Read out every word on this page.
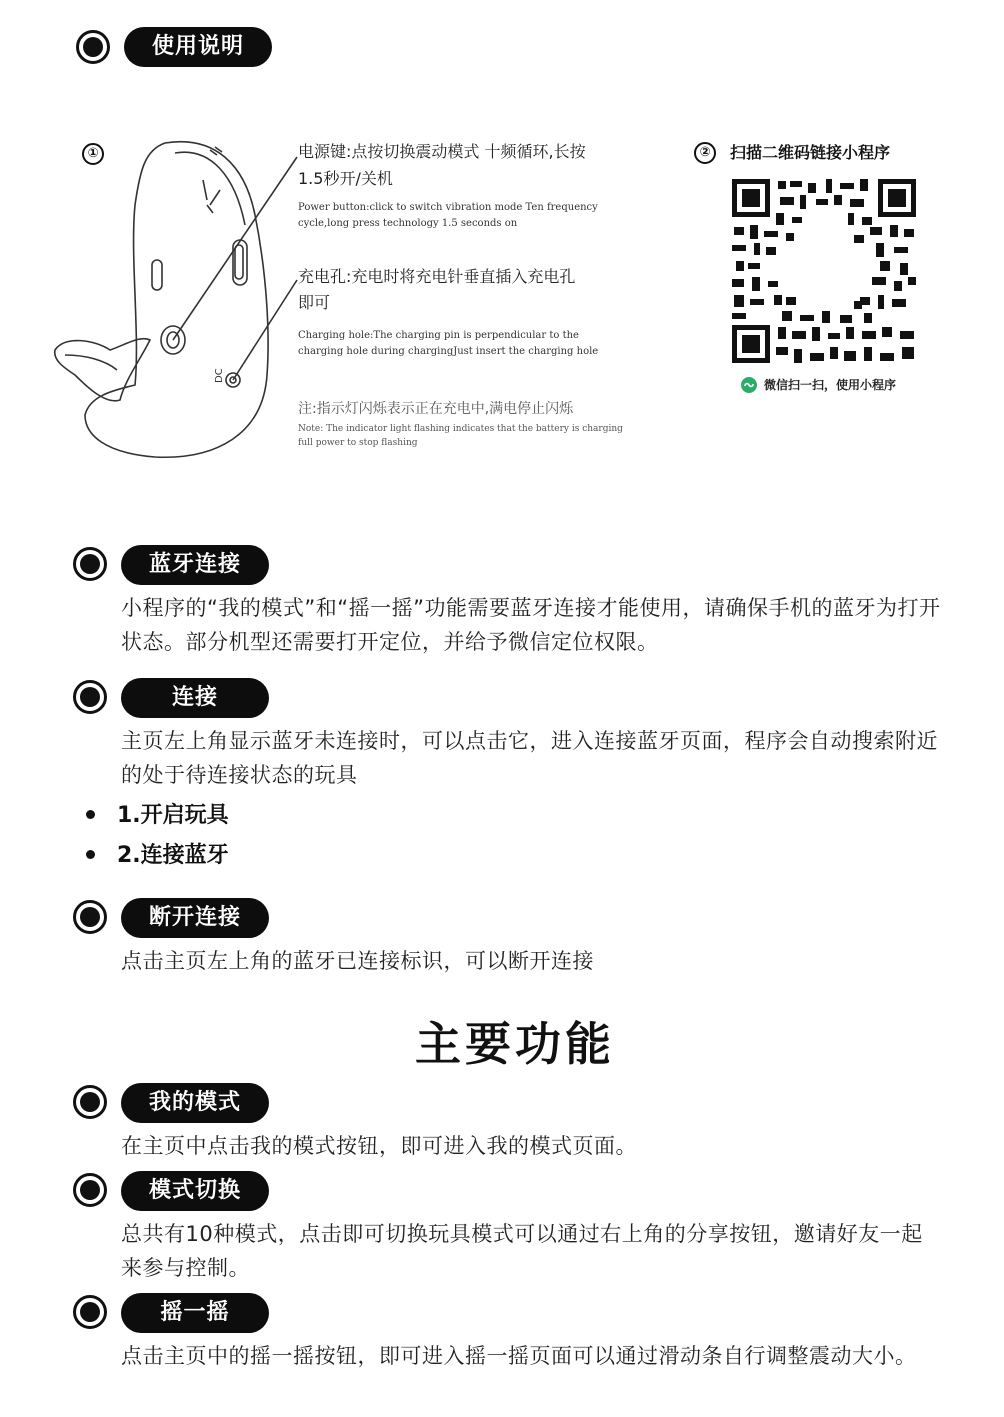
使用说明
①
DC
电源键:点按切换震动模式 十频循环,长按
1.5秒开/关机
Power button:click to switch vibration mode Ten frequency
cycle,long press technology 1.5 seconds on
充电孔:充电时将充电针垂直插入充电孔
即可
Charging hole:The charging pin is perpendicular to the
charging hole during chargingJust insert the charging hole
注:指示灯闪烁表示正在充电中,满电停止闪烁
Note: The indicator light flashing indicates that the battery is charging
full power to stop flashing
②	扫描二维码链接小程序
微信扫一扫，使用小程序
蓝牙连接
小程序的“我的模式”和“摇一摇”功能需要蓝牙连接才能使用，请确保手机的蓝牙为打开状态。部分机型还需要打开定位，并给予微信定位权限。
连接
主页左上角显示蓝牙未连接时，可以点击它，进入连接蓝牙页面，程序会自动搜索附近的处于待连接状态的玩具
1.开启玩具
2.连接蓝牙
断开连接
点击主页左上角的蓝牙已连接标识，可以断开连接
主要功能
我的模式
在主页中点击我的模式按钮，即可进入我的模式页面。
模式切换
总共有10种模式，点击即可切换玩具模式可以通过右上角的分享按钮，邀请好友一起来参与控制。
摇一摇
点击主页中的摇一摇按钮，即可进入摇一摇页面可以通过滑动条自行调整震动大小。
